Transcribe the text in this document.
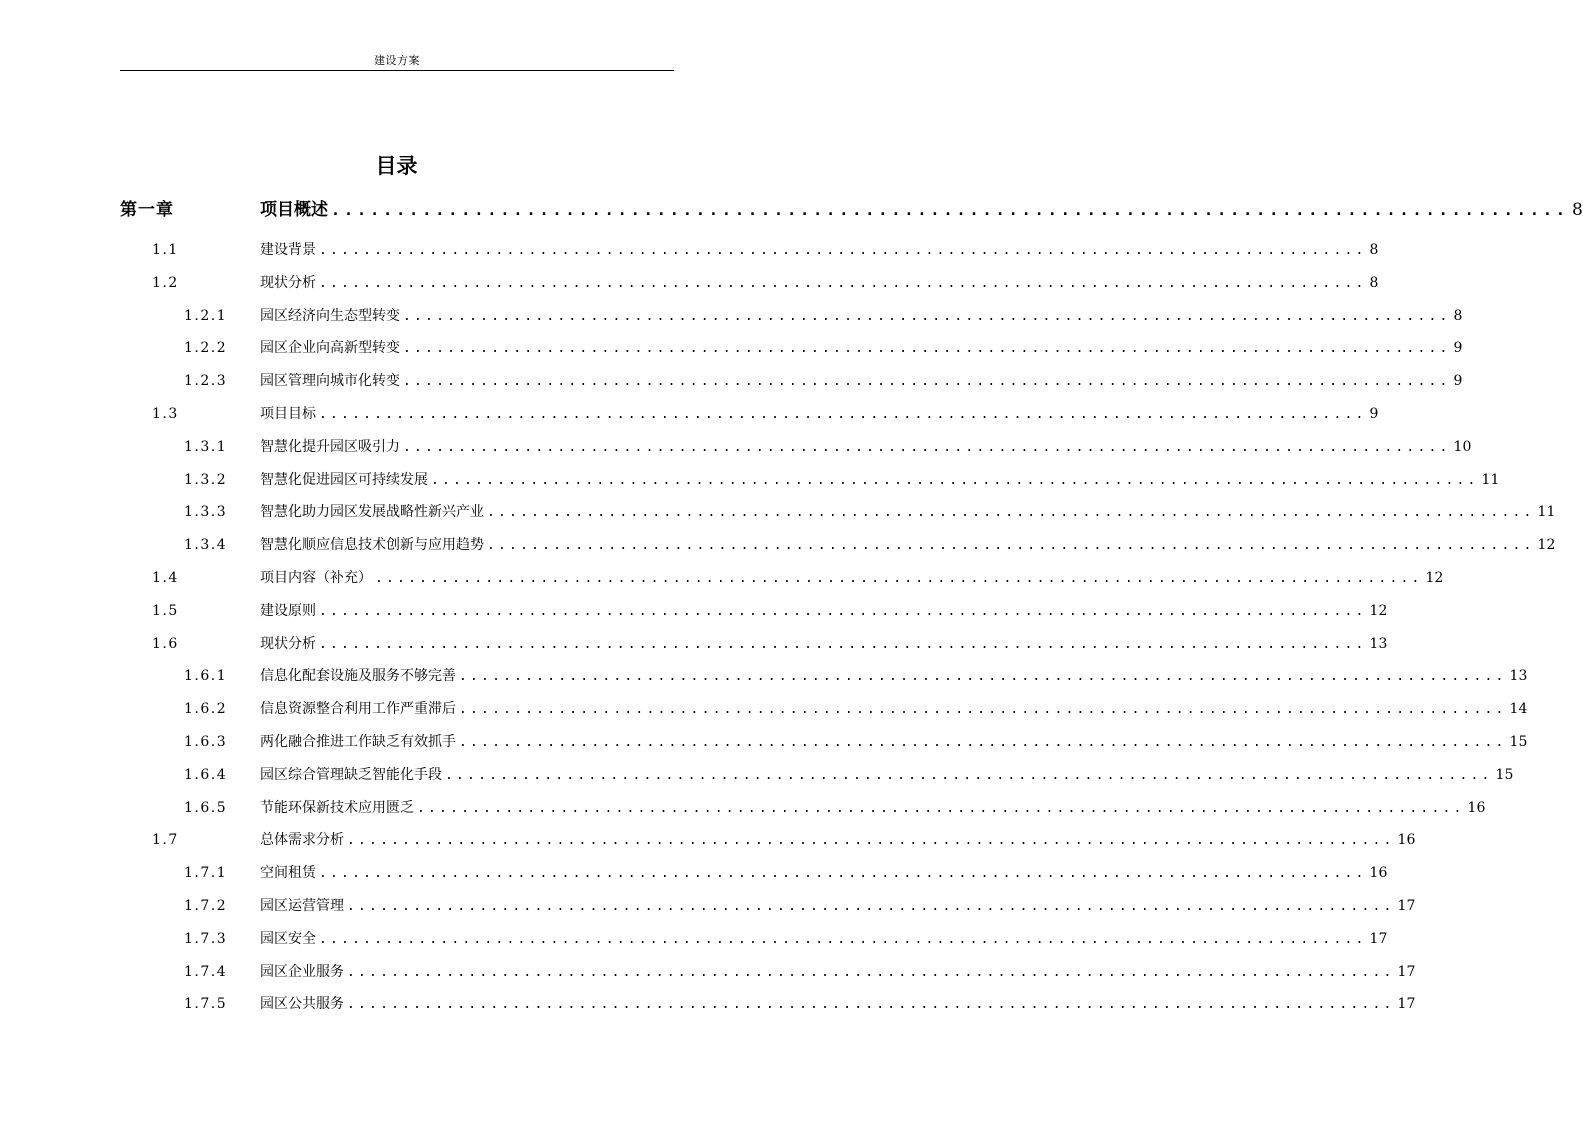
建设方案
目录
第一章	项目概述 ............................................................................................... 8
1.1	建设背景 ............................................................................................... 8
1.2	现状分析 ............................................................................................... 8
1.2.1 园区经济向生态型转变 ............................................................................................... 8
1.2.2 园区企业向高新型转变 ............................................................................................... 9
1.2.3 园区管理向城市化转变 ............................................................................................... 9
1.3	项目目标 ............................................................................................... 9
1.3.1 智慧化提升园区吸引力 ............................................................................................... 10
1.3.2 智慧化促进园区可持续发展 ............................................................................................... 11
1.3.3 智慧化助力园区发展战略性新兴产业 ............................................................................................... 11
1.3.4 智慧化顺应信息技术创新与应用趋势 ............................................................................................... 12
1.4	项目内容（补充） ............................................................................................... 12
1.5	建设原则 ............................................................................................... 12
1.6	现状分析 ............................................................................................... 13
1.6.1 信息化配套设施及服务不够完善 ............................................................................................... 13
1.6.2 信息资源整合利用工作严重滞后 ............................................................................................... 14
1.6.3 两化融合推进工作缺乏有效抓手 ............................................................................................... 15
1.6.4 园区综合管理缺乏智能化手段 ............................................................................................... 15
1.6.5 节能环保新技术应用匮乏 ............................................................................................... 16
1.7	总体需求分析 ............................................................................................... 16
1.7.1 空间租赁 ............................................................................................... 16
1.7.2 园区运营管理 ............................................................................................... 17
1.7.3 园区安全 ............................................................................................... 17
1.7.4 园区企业服务 ............................................................................................... 17
1.7.5 园区公共服务 ............................................................................................... 17
